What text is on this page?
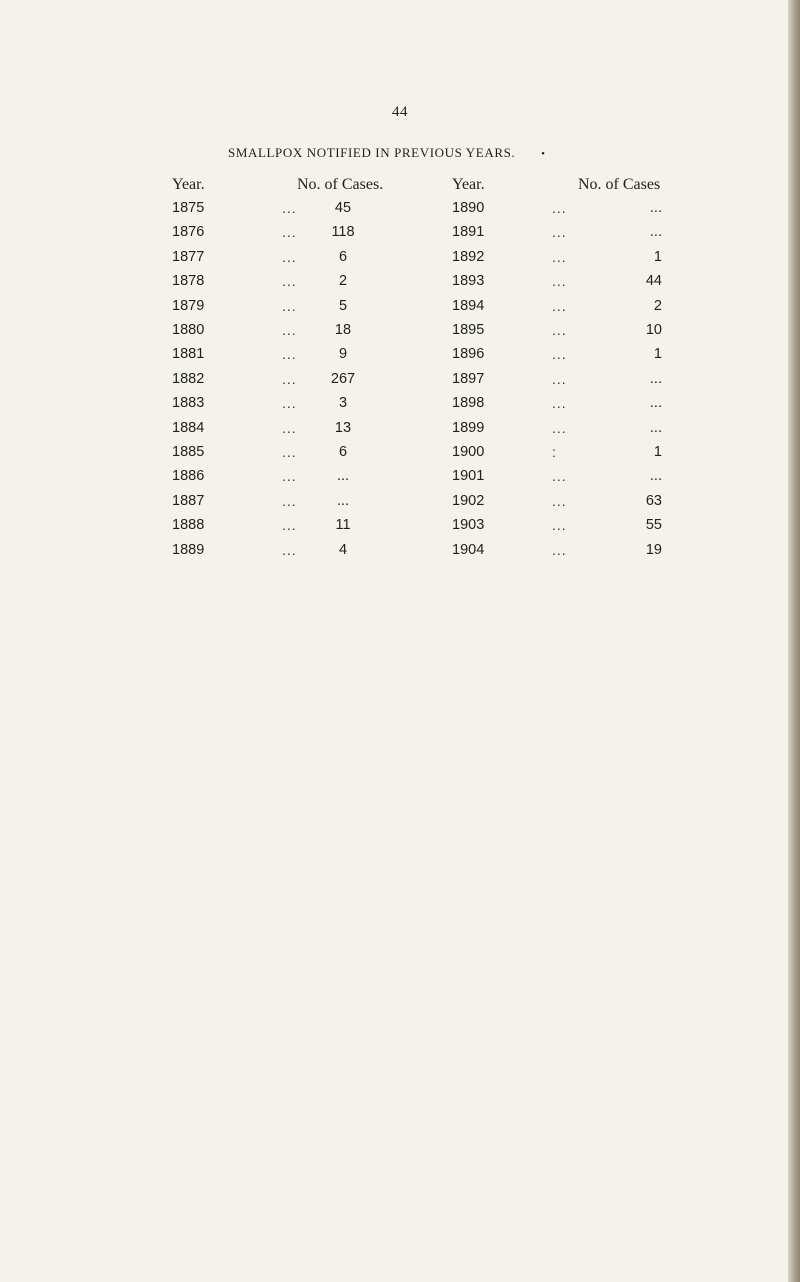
44
SMALLPOX NOTIFIED IN PREVIOUS YEARS. •
Year.	No. of Cases.	Year.	No. of Cases
1875	...	45	1890	...	...
1876	...	118	1891	...	...
1877	...	6	1892	...	1
1878	...	2	1893	...	44
1879	...	5	1894	...	2
1880	...	18	1895	...	10
1881	...	9	1896	...	1
1882	...	267	1897	...	...
1883	...	3	1898	...	...
1884	...	13	1899	...	...
1885	...	6	1900	:	1
1886	...	...	1901	...	...
1887	...	...	1902	...	63
1888	...	11	1903	...	55
1889	...	4	1904	...	19
